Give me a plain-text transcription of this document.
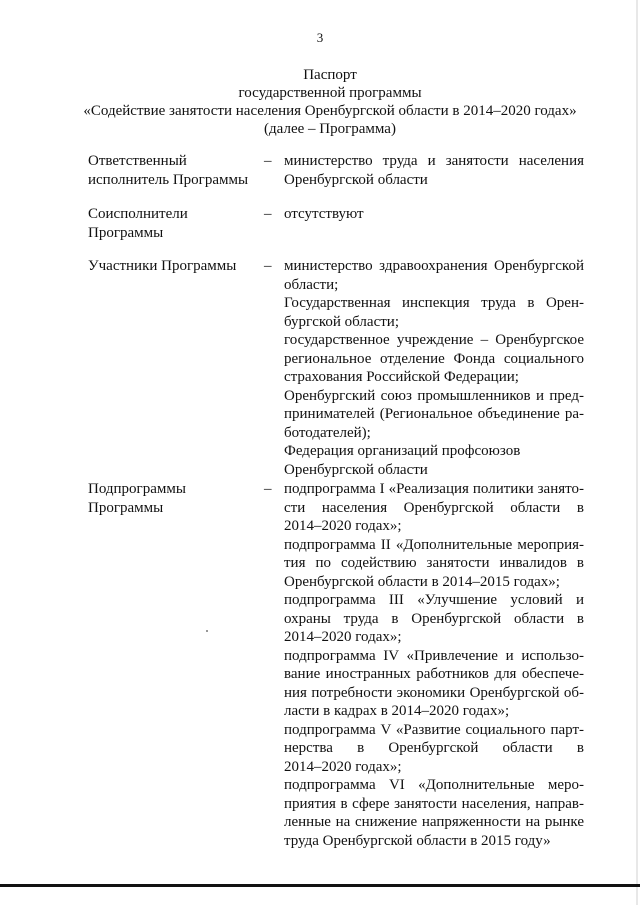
3
Паспорт
государственной программы
«Содействие занятости населения Оренбургской области в 2014–2020 годах»
(далее – Программа)
Ответственный
исполнитель Программы
– министерство труда и занятости населения
Оренбургской области
Соисполнители
Программы
– отсутствуют
Участники Программы	– министерство здравоохранения Оренбургской
области;
Государственная инспекция труда в Орен-
бургской области;
государственное учреждение – Оренбургское
региональное отделение Фонда социального
страхования Российской Федерации;
Оренбургский союз промышленников и пред-
принимателей (Региональное объединение ра-
ботодателей);
Федерация организаций профсоюзов
Оренбургской области
Подпрограммы
Программы
– подпрограмма I «Реализация политики занято-
сти населения Оренбургской области в
2014–2020 годах»;
подпрограмма II «Дополнительные мероприя-
тия по содействию занятости инвалидов в
Оренбургской области в 2014–2015 годах»;
подпрограмма III «Улучшение условий и
охраны труда в Оренбургской области в
2014–2020 годах»;
подпрограмма IV «Привлечение и использо-
вание иностранных работников для обеспече-
ния потребности экономики Оренбургской об-
ласти в кадрах в 2014–2020 годах»;
подпрограмма V «Развитие социального парт-
нерства в Оренбургской области в
2014–2020 годах»;
подпрограмма VI «Дополнительные меро-
приятия в сфере занятости населения, направ-
ленные на снижение напряженности на рынке
труда Оренбургской области в 2015 году»
